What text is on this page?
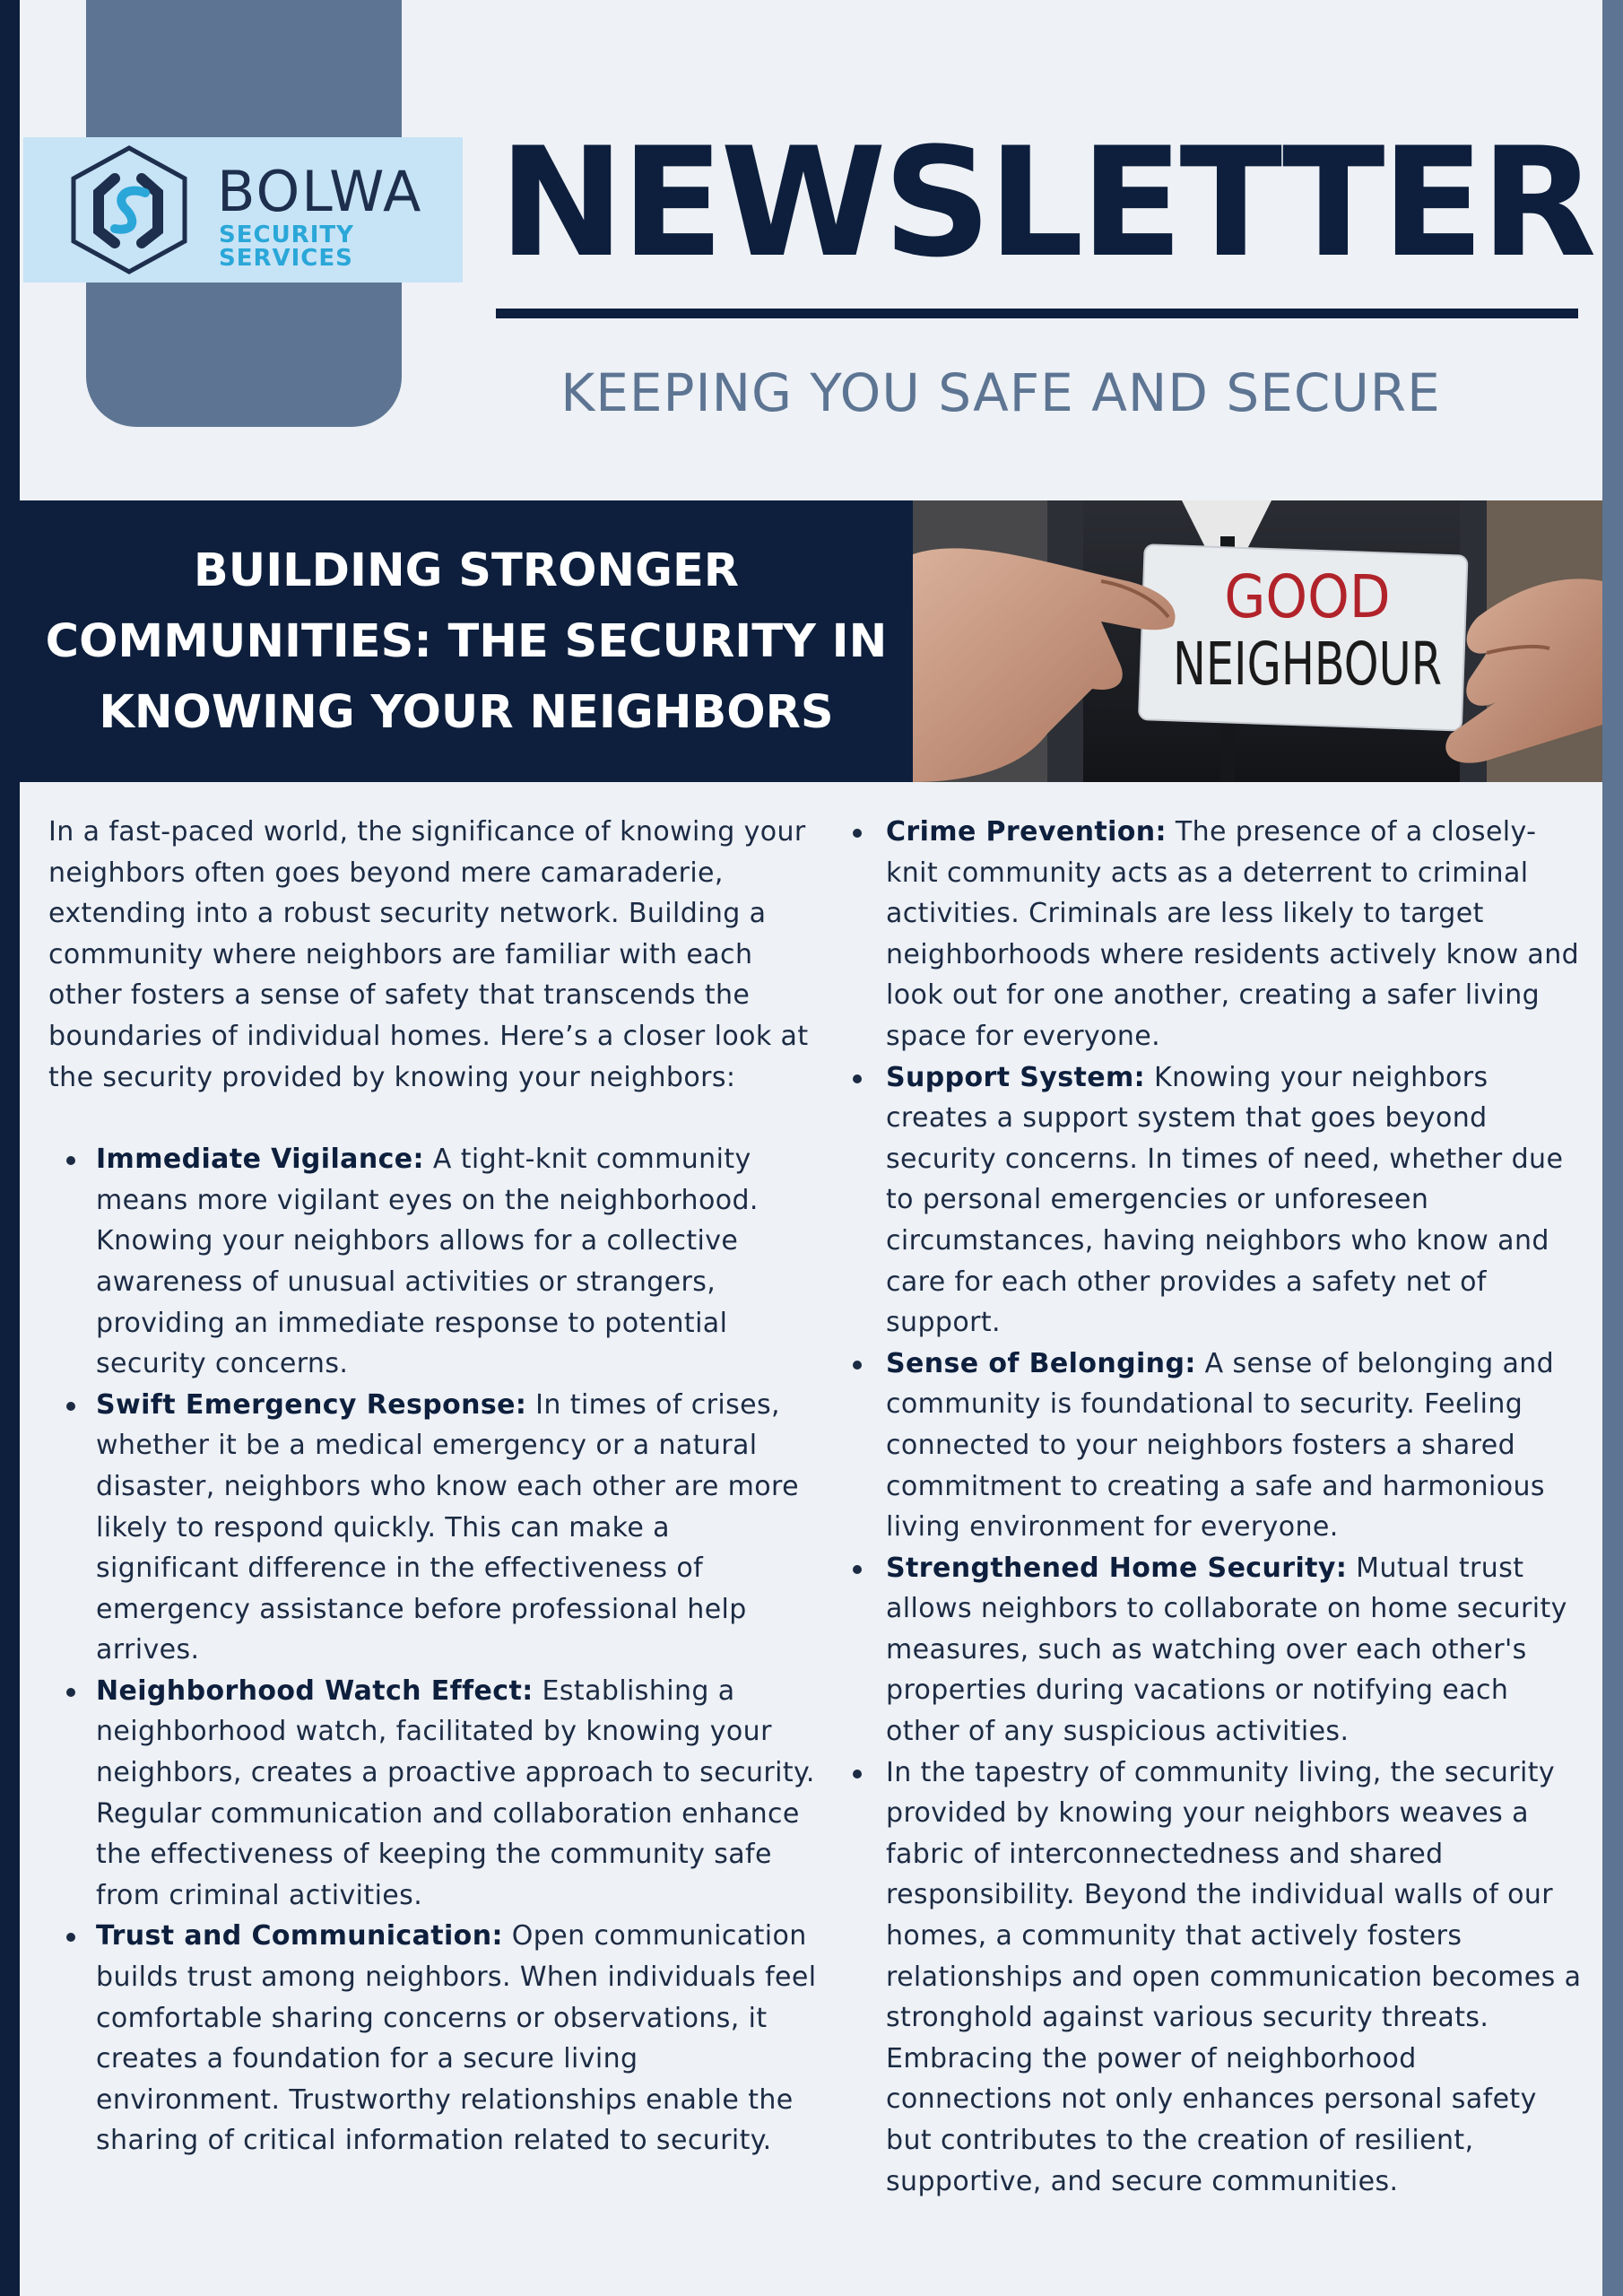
BOLWA
SECURITY SERVICES NEWSLETTER
KEEPING YOU SAFE AND SECURE
BUILDING STRONGER COMMUNITIES: THE SECURITY IN KNOWING YOUR NEIGHBORS
GOOD
NEIGHBOUR

In a fast-paced world, the significance of knowing your neighbors often goes beyond mere camaraderie, extending into a robust security network. Building a community where neighbors are familiar with each other fosters a sense of safety that transcends the boundaries of individual homes. Here’s a closer look at the security provided by knowing your neighbors:

Immediate Vigilance: A tight-knit community means more vigilant eyes on the neighborhood. Knowing your neighbors allows for a collective awareness of unusual activities or strangers, providing an immediate response to potential security concerns.
Swift Emergency Response: In times of crises, whether it be a medical emergency or a natural disaster, neighbors who know each other are more likely to respond quickly. This can make a significant difference in the effectiveness of emergency assistance before professional help arrives.
Neighborhood Watch Effect: Establishing a neighborhood watch, facilitated by knowing your neighbors, creates a proactive approach to security. Regular communication and collaboration enhance the effectiveness of keeping the community safe from criminal activities.
Trust and Communication: Open communication builds trust among neighbors. When individuals feel comfortable sharing concerns or observations, it creates a foundation for a secure living environment. Trustworthy relationships enable the sharing of critical information related to security.
Crime Prevention: The presence of a closely-knit community acts as a deterrent to criminal activities. Criminals are less likely to target neighborhoods where residents actively know and look out for one another, creating a safer living space for everyone.
Support System: Knowing your neighbors creates a support system that goes beyond security concerns. In times of need, whether due to personal emergencies or unforeseen circumstances, having neighbors who know and care for each other provides a safety net of support.
Sense of Belonging: A sense of belonging and community is foundational to security. Feeling connected to your neighbors fosters a shared commitment to creating a safe and harmonious living environment for everyone.
Strengthened Home Security: Mutual trust allows neighbors to collaborate on home security measures, such as watching over each other's properties during vacations or notifying each other of any suspicious activities.
In the tapestry of community living, the security provided by knowing your neighbors weaves a fabric of interconnectedness and shared responsibility. Beyond the individual walls of our homes, a community that actively fosters relationships and open communication becomes a stronghold against various security threats. Embracing the power of neighborhood connections not only enhances personal safety but contributes to the creation of resilient, supportive, and secure communities.
